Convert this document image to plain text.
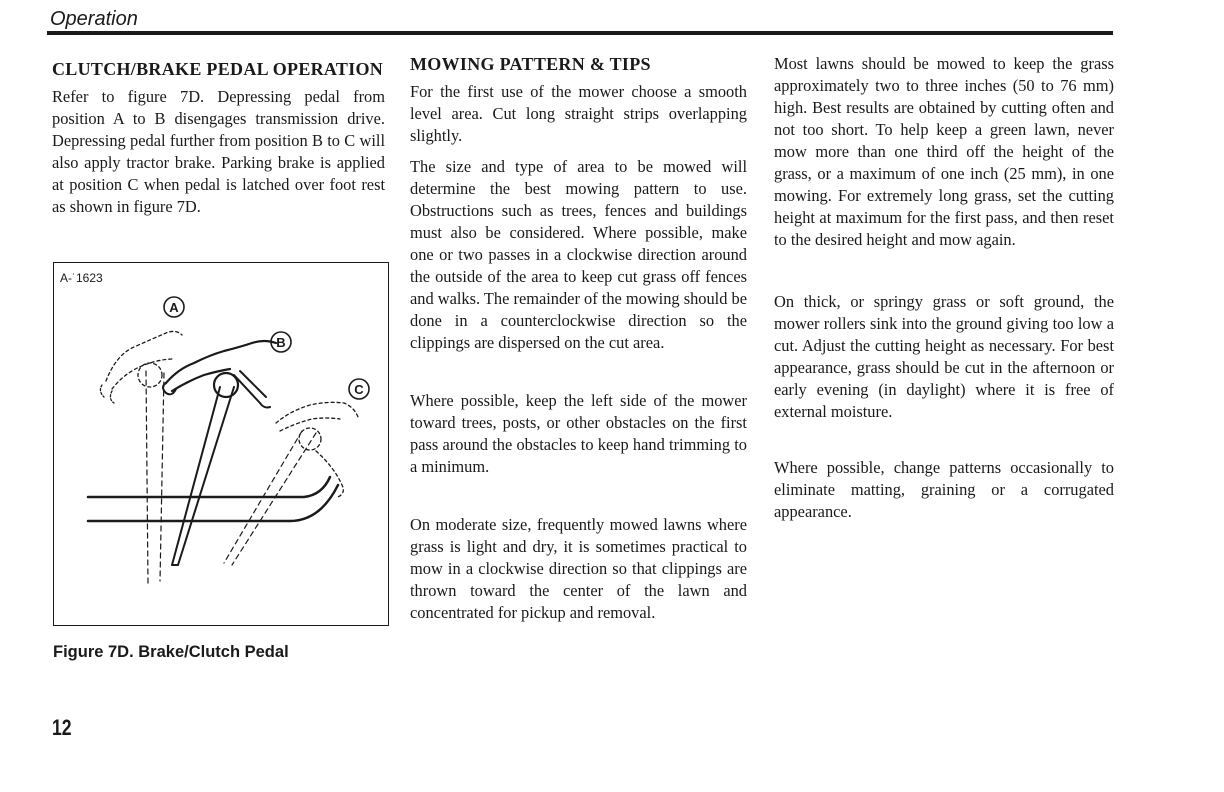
Operation
CLUTCH/BRAKE PEDAL OPERATION

Refer to figure 7D. Depressing pedal from position A to B disengages transmission drive. Depressing pedal further from position B to C will also apply tractor brake. Parking brake is applied at position C when pedal is latched over foot rest as shown in figure 7D.

A-˙1623
A
B
C
Figure 7D. Brake/Clutch Pedal
MOWING PATTERN & TIPS

For the first use of the mower choose a smooth level area. Cut long straight strips overlapping slightly.

The size and type of area to be mowed will determine the best mowing pattern to use. Obstructions such as trees, fences and buildings must also be considered. Where possible, make one or two passes in a clockwise direction around the outside of the area to keep cut grass off fences and walks. The remainder of the mowing should be done in a counterclockwise direction so the clippings are dispersed on the cut area.

Where possible, keep the left side of the mower toward trees, posts, or other obstacles on the first pass around the obstacles to keep hand trimming to a minimum.

On moderate size, frequently mowed lawns where grass is light and dry, it is sometimes practical to mow in a clockwise direction so that clippings are thrown toward the center of the lawn and concentrated for pickup and removal.

Most lawns should be mowed to keep the grass approximately two to three inches (50 to 76 mm) high. Best results are obtained by cutting often and not too short. To help keep a green lawn, never mow more than one third off the height of the grass, or a maximum of one inch (25 mm), in one mowing. For extremely long grass, set the cutting height at maximum for the first pass, and then reset to the desired height and mow again.

On thick, or springy grass or soft ground, the mower rollers sink into the ground giving too low a cut. Adjust the cutting height as necessary. For best appearance, grass should be cut in the afternoon or early evening (in daylight) where it is free of external moisture.

Where possible, change patterns occasionally to eliminate matting, graining or a corrugated appearance.

12
